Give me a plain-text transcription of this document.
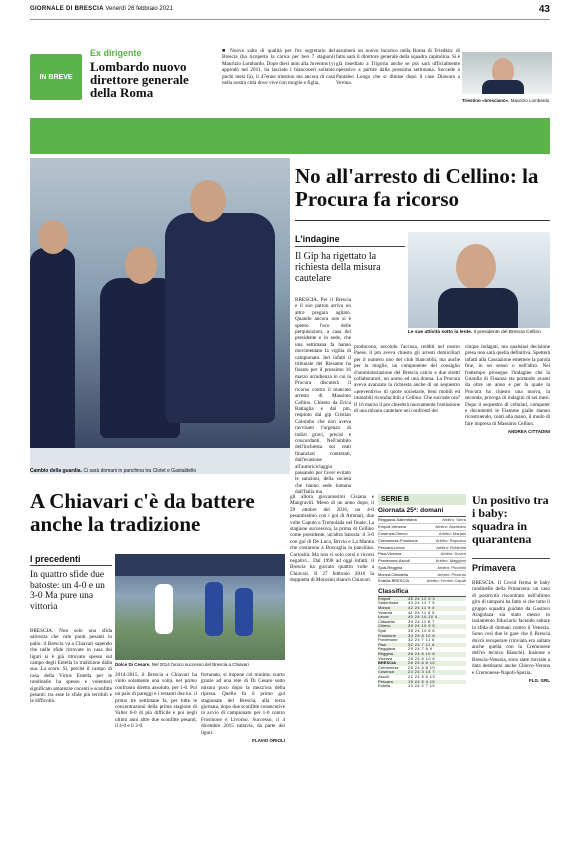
GIORNALE DI BRESCIA Venerdì 26 febbraio 2021	43
IN BREVE
Ex dirigente
Lombardo nuovo direttore generale della Roma
■ Nuovo salto di qualità per l'ex segretario del Brescia (ha ricoperto la carica per ben 7 stagioni) Maurizio Lombardo. Dopo dieci anni alla Juventus (vi approdò nel 2011, ha lasciato i bianconeri soltanto pochi mesi fa), il 47enne triestino ma ancora di casa nella nostra città dove vive con moglie e figlia,
assumerà un nuovo incarico nella Roma di Friedkin: di fatto sarà il direttore generale della squadra capitolina. Si è già insediato a Trigoria anche se poi sarà ufficialmente operativo a partire dalla prossima settimana. Succede a Pantaleo Longo che si dimise dopo il caso Diawara a Verona.
Triestino «bresciano». Maurizio Lombardo
Cambio della guardia. Ci sarà domani in panchina tra Clotet e Gastaldello
No all'arresto di Cellino: la Procura fa ricorso
L'indagine
Il Gip ha rigettato la richiesta della misura cautelare
Le sue attività sotto la lente. Il presidente del Brescia Cellino
BRESCIA. Per il Brescia e il suo patron arriva un altro pregara agitato. Quando ancora non si è spento l'eco delle perquisizioni, a casa del presidente e in sede, che una settimana fa hanno movimentato la vigilia di campionato. Ieri infatti il tribunale del Riesame ha fissato per il prossimo 16 marzo un'udienza in cui la Procura discuterà il ricorso contro il mancato arresto di Massimo Cellino. Chiesto da Erica Battaglia e dal pm, respinto dal gip Cristian Colombo che non aveva ravvisato l'urgenza di indizi gravi, precisi e concordanti. Nell'ambito dell'inchiesta sui reati finanziari contestati, dall'evasione all'autoriciclaggio passando per l'aver evitato le sanzioni, della società che hanno sede lontana dall'Italia ma
producono, secondo l'accusa, redditi nel nostro Paese, il pm aveva chiesto gli arresti domiciliari per il numero uno del club biancoblù, ma anche per la moglie, un componente del consiglio d'amministrazione del Brescia calcio e due stretti collaboratori, un uomo ed una donna. La Procura aveva avanzato la richiesta anche di un sequestro «preventivo» di quote societarie, beni mobili ed immobili riconducibili a Cellino. Che succede ora? Il 16 marzo il pm chiederà nuovamente l'emissione di una misura cautelare nei confronti dei
cinque indagati, ma qualsiasi decisione presa non sarà quella definitiva. Spetterà infatti alla Cassazione emettere la parola fine, in un senso o nell'altro. Nel frattempo prosegue l'indagine che la Guardia di Finanza sta portando avanti da oltre un anno e per la quale la Procura ha chiesto una nuova, la seconda, proroga di indagini di sei mesi. Dopo il sequestro di cellulari, computer e documenti le Fiamme gialle stanno ricostruendo, conti alla mano, il modo di fare impresa di Massimo Cellino.
ANDREA CITTADINI
A Chiavari c'è da battere anche la tradizione
I precedenti
In quattro sfide due batoste: un 4-0 e un 3-0 Ma pure una vittoria
Dolce Di Cesare. Nel 2014 l'unico successo del Brescia a Chiavari
BRESCIA. Non solo una sfida salvezza che vale punti pesanti in palio: il Brescia va a Chiavari sapendo che nelle sfide ritrovate in casa dei liguri si è già ritrovato spesso sul campo degli Entella la tradizione dalla sua. La score. Si, perché il campo di casa della Virtus Entella per le rondinelle ha spesso e volentieri significato amarezze cocenti e sconfitte pesanti: tra esse le sfide più terribili e le difficoltà.
2014-2015, il Brescia a Chiavari ha vinto solamente una volta, nel primo confronto diretto assoluto, per 1-0. Poi un paio di pareggi e i restanti due ko: il primo tre settimane fa, per tutte le concentrazioni della prima stagione di Valter 0-0 di più difficile e poi negli ultimi anni altre due sconfitte pesanti, il 4-0 e il 3-0.
fortunato, si impone col minimo scarto grazie ad una rete di Di Cesare sotto misura poco dopo la mezz'ora della ripresa. Quello fu il primo gol stagionale del Brescia, alla terza giornata, dopo due sconfitte consecutive in avvio di campionato per 1-0 contro Frosinone e Livorno. Successo, il 4 dicembre 2015 tuttavia, da parte dei liguri.
FLAVIO ORIOLI
gli allora giovanissimi Cisiana e Mangraviti. Meno di un anno dopo, il 29 ottobre del 2016, un 4-0 pesantissimo con i gol di Ammari, due volte Caputo e Tremolada nel finale. La stagione successiva, la prima di Cellino come presidente, un'altra batosta: il 3-0 con gol di De Luca, Brivio e La Mantia che costarono a Boscaglia la panchina. Curiosità. Ma non ci solo corsi e ricorsi negativi... Dal 1998 ad oggi infatti, il Brescia ha giocato quattro volte a Chiavari. Il 27 febbraio 2016 la doppietta di Morosini sbancò Chiavari.
SERIE B
Giornata 25ª: domani
Reggiana-Salernitana	Arbitro: Serra
Empoli-Venezia	Arbitro: Aureliano
Cosenza-Chievo	Arbitro: Mariani
Cremonese-Frosinone	Arbitro: Rapuano
Pescara-Lecce	Arbitro: Robilotta
Pisa-Vicenza	Arbitro: Doveri
Pordenone-Ascoli	Arbitro: Maggioni
Spal-Reggina	Arbitro: Piccinini
Monza-Cittadella	Arbitro: Pezzuto
Entella-BRESCIA	Arbitro: Ferrieri Caputi
Classifica
Empoli	45 24 12 9 3
Salernitana	43 24 12 7 5
Monza	42 24 11 9 4
Venezia	41 24 11 8 5
Lecce	40 24 10 10 4
Cittadella	39 24 11 6 7
Chievo	39 24 10 9 5
Spal	38 24 10 8 6
Frosinone	34 24 8 10 6
Pordenone	32 24 7 11 6
Pisa	32 24 7 11 6
Reggiana	29 24 7 8 9
Reggina	28 24 6 10 8
Vicenza	28 24 6 10 8
BRESCIA	26 24 6 8 10
Cremonese	26 24 6 8 10
Cosenza	23 24 3 14 7
Ascoli	21 24 5 6 13
Pescara	19 24 5 4 15
Entella	13 24 2 7 15
Un positivo tra i baby: squadra in quarantena
Primavera
BRESCIA. Il Covid ferma le baby rondinelle della Primavera: un caso di positività riscontrato nell'ultimo giro di tamponi ha fatto sì che tutto il gruppo squadra guidato da Gustavo Aragolaza sia stato messo in isolamento fiduciario facendo saltare la sfida di domani contro il Venezia. Sono così due le gare che il Brescia dovrà recuperare (rinviata era saltata anche quella con la Cremonese dell'ex tecnico Bianchi). Insieme a Brescia-Venezia, sono state rinviate a data destinarsi anche Chievo-Verona e Cremonese-Napoli-Spezia.
FLG. GRL
